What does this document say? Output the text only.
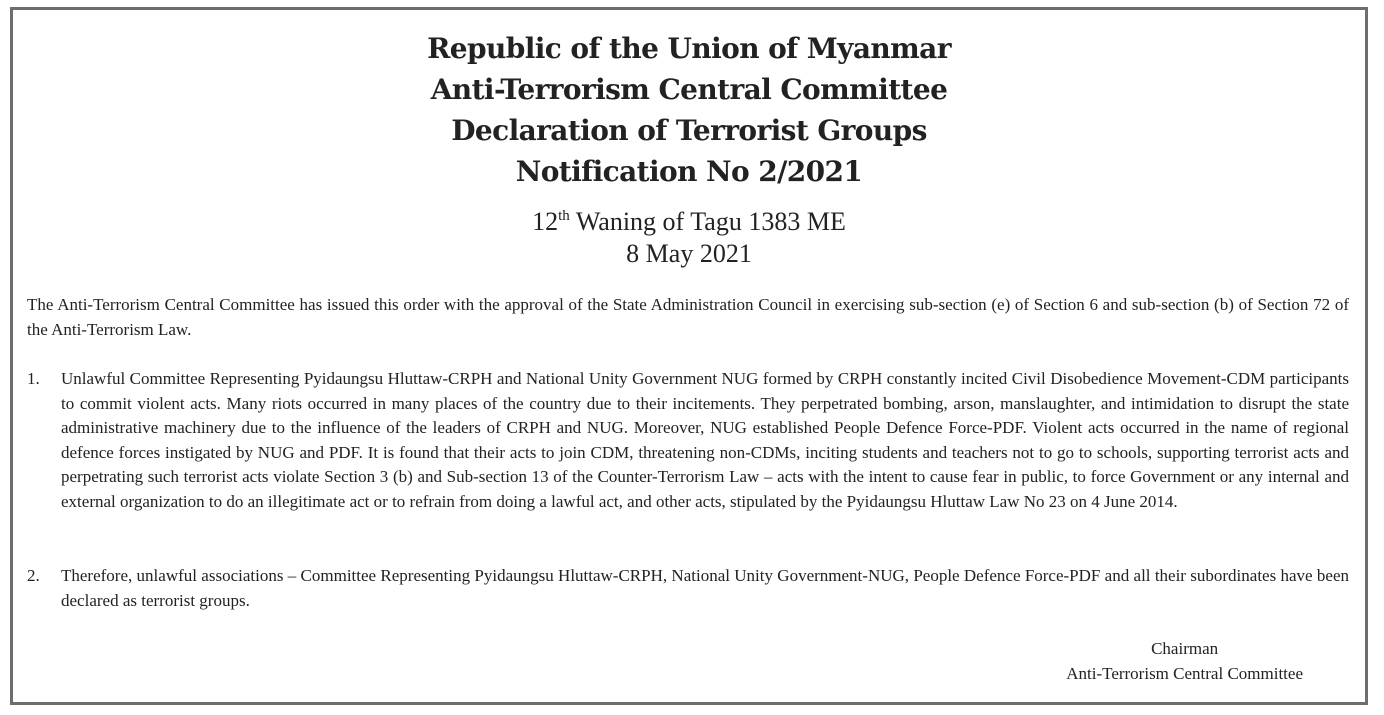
Republic of the Union of Myanmar
Anti-Terrorism Central Committee
Declaration of Terrorist Groups
Notification No 2/2021
12th Waning of Tagu 1383 ME
8 May 2021
The Anti-Terrorism Central Committee has issued this order with the approval of the State Administration Council in exercising sub-section (e) of Section 6 and sub-section (b) of Section 72 of the Anti-Terrorism Law.
1.	Unlawful Committee Representing Pyidaungsu Hluttaw-CRPH and National Unity Government NUG formed by CRPH constantly incited Civil Disobedience Movement-CDM participants to commit violent acts. Many riots occurred in many places of the country due to their incitements. They perpetrated bombing, arson, manslaughter, and intimidation to disrupt the state administrative machinery due to the influence of the leaders of CRPH and NUG. Moreover, NUG established People Defence Force-PDF. Violent acts occurred in the name of regional defence forces instigated by NUG and PDF. It is found that their acts to join CDM, threatening non-CDMs, inciting students and teachers not to go to schools, supporting terrorist acts and perpetrating such terrorist acts violate Section 3 (b) and Sub-section 13 of the Counter-Terrorism Law – acts with the intent to cause fear in public, to force Government or any internal and external organization to do an illegitimate act or to refrain from doing a lawful act, and other acts, stipulated by the Pyidaungsu Hluttaw Law No 23 on 4 June 2014.
2.	Therefore, unlawful associations – Committee Representing Pyidaungsu Hluttaw-CRPH, National Unity Government-NUG, People Defence Force-PDF and all their subordinates have been declared as terrorist groups.
Chairman
Anti-Terrorism Central Committee
